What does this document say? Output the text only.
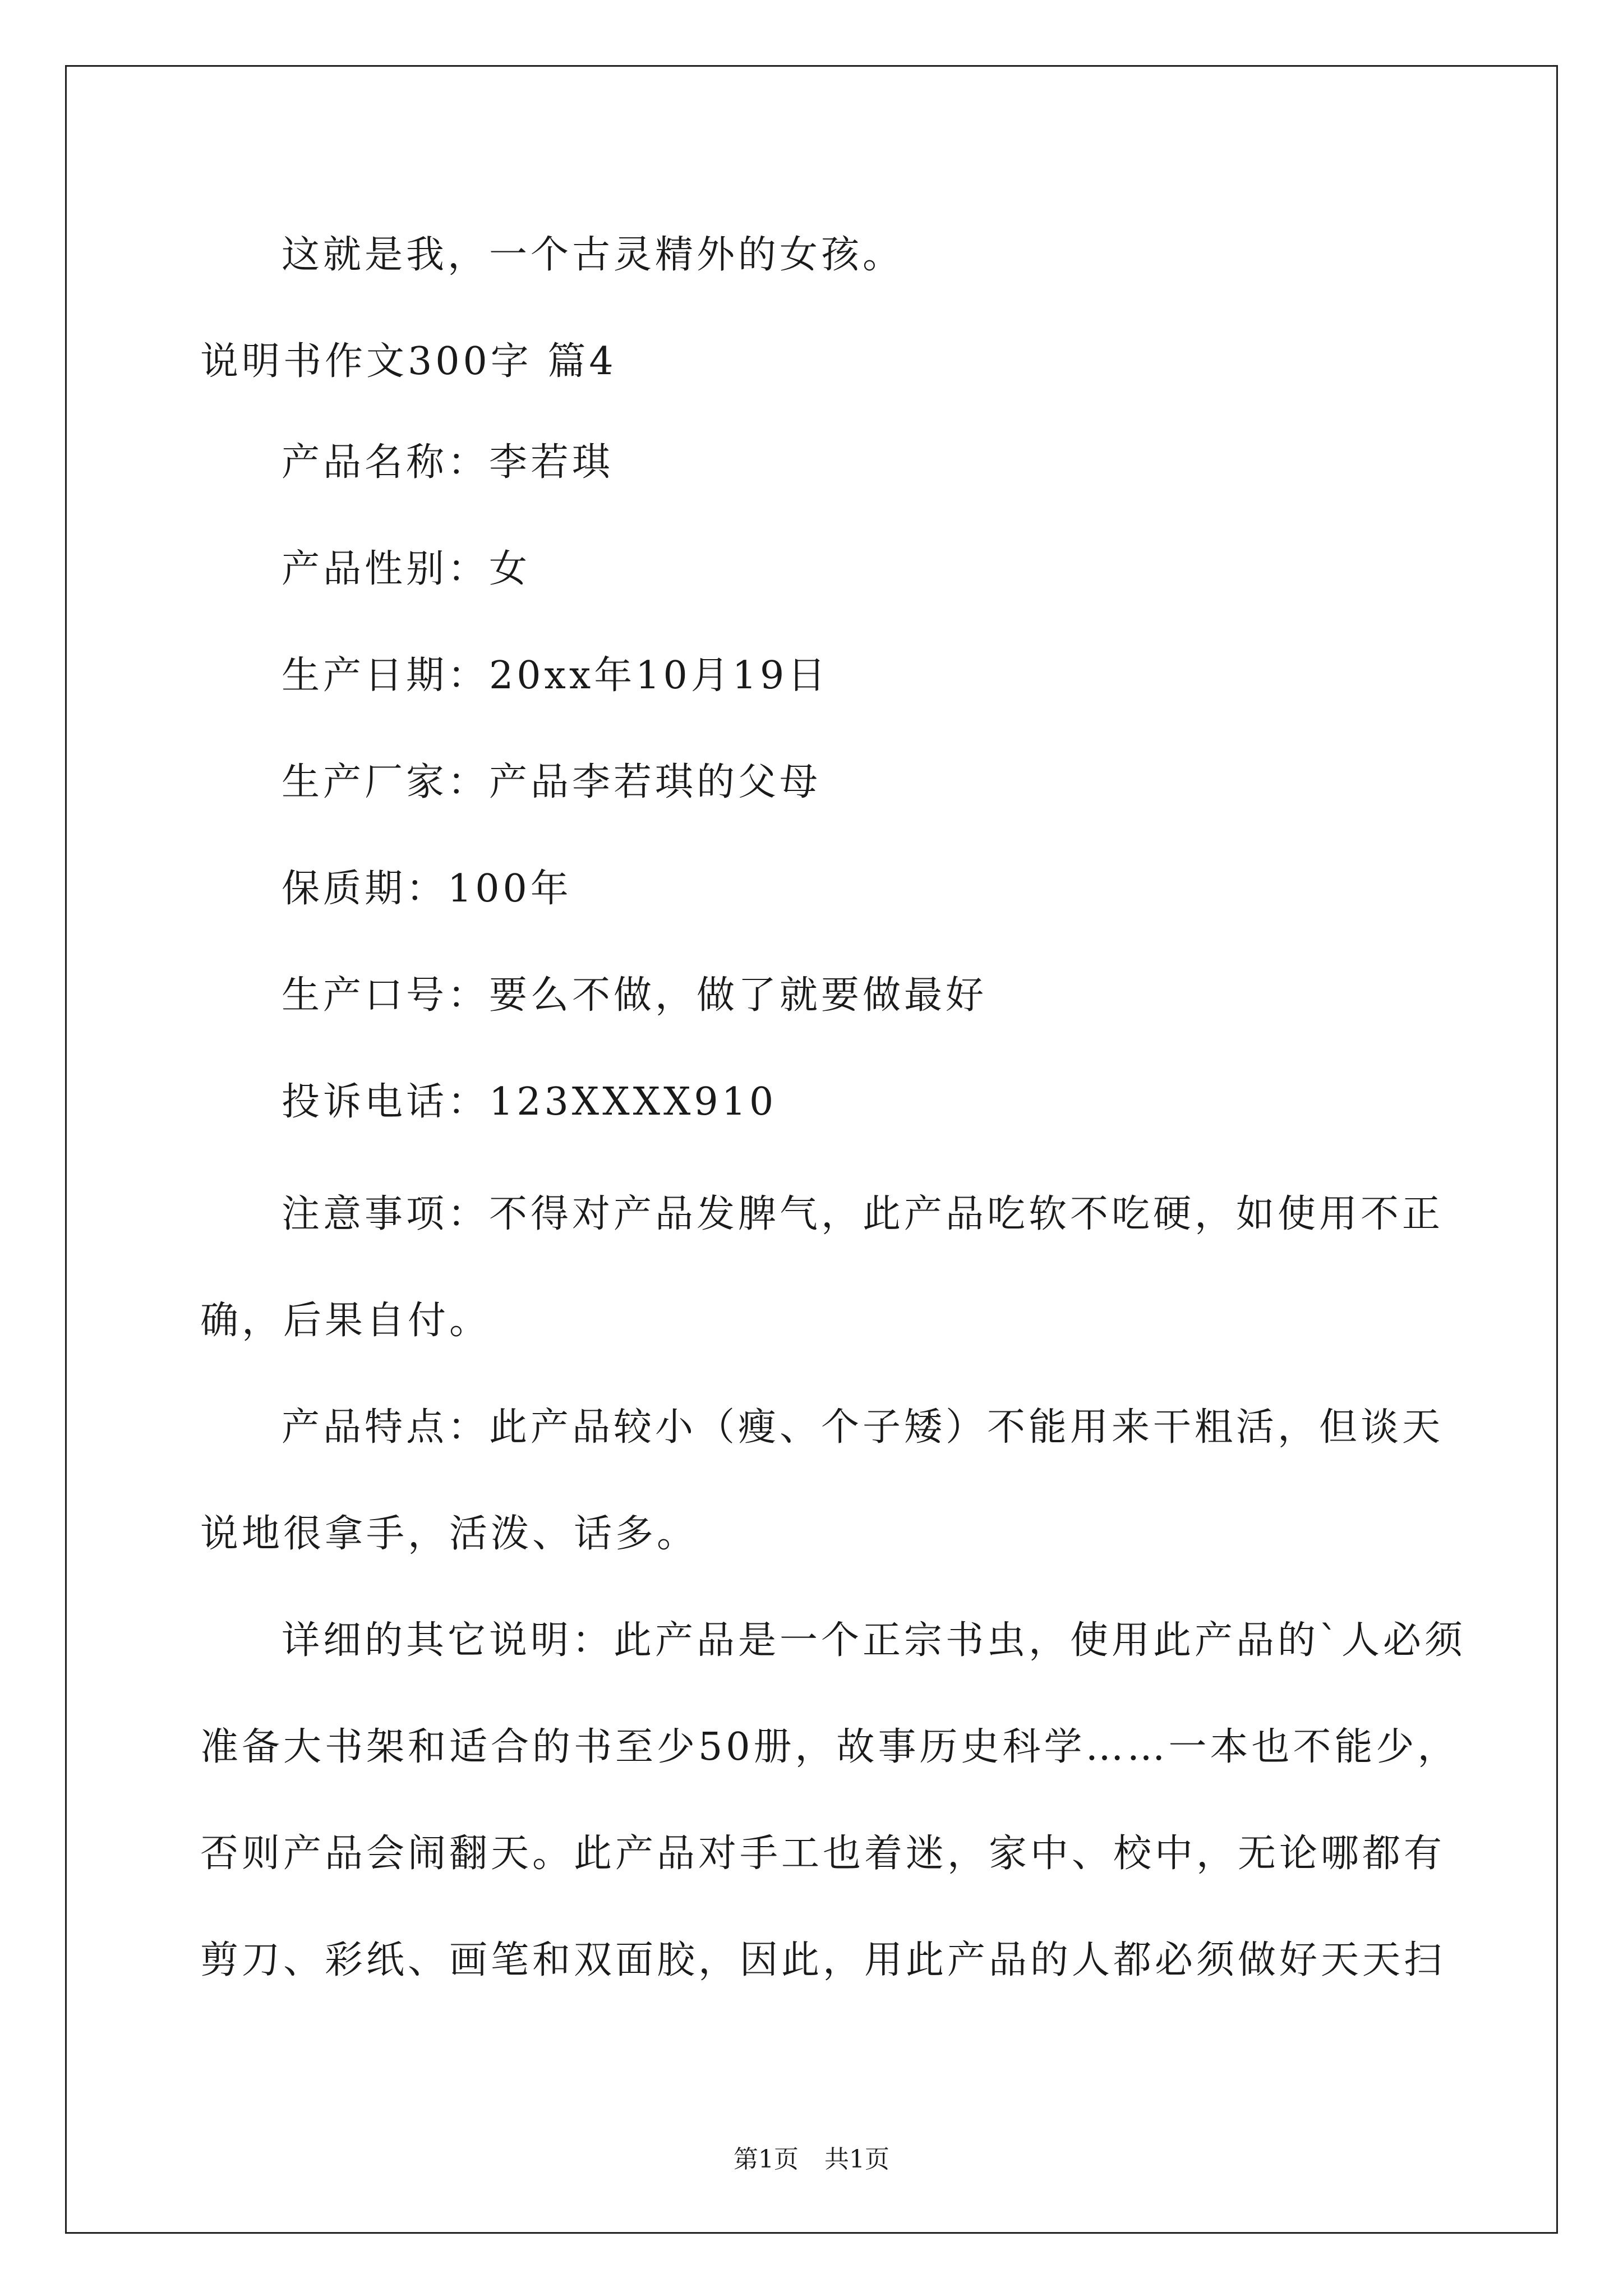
这就是我，一个古灵精外的女孩。
说明书作文300字 篇4
产品名称：李若琪
产品性别：女
生产日期：20xx年10月19日
生产厂家：产品李若琪的父母
保质期：100年
生产口号：要么不做，做了就要做最好
投诉电话：123XXXX910
注意事项：不得对产品发脾气，此产品吃软不吃硬，如使用不正
确，后果自付。
产品特点：此产品较小（瘦、个子矮）不能用来干粗活，但谈天
说地很拿手，活泼、话多。
详细的其它说明：此产品是一个正宗书虫，使用此产品的`人必须
准备大书架和适合的书至少50册，故事历史科学……一本也不能少，
否则产品会闹翻天。此产品对手工也着迷，家中、校中，无论哪都有
剪刀、彩纸、画笔和双面胶，因此，用此产品的人都必须做好天天扫
第1页 共1页
